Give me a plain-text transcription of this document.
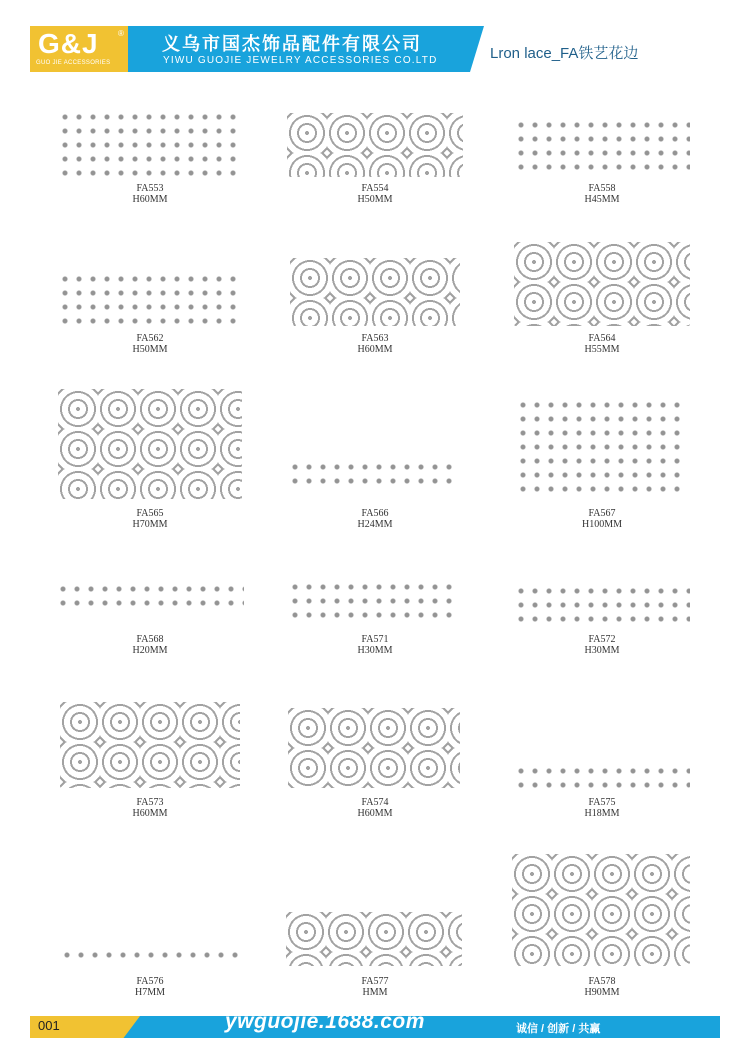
G&J ®
GUO JIE ACCESSORIES
义乌市国杰饰品配件有限公司
YIWU GUOJIE JEWELRY ACCESSORIES CO.LTD	Lron lace_FA铁艺花边
FA553
H60MM
FA554
H50MM
FA558
H45MM
FA562
H50MM
FA563
H60MM
FA564
H55MM
FA565
H70MM
FA566
H24MM
FA567
H100MM
FA568
H20MM
FA571
H30MM
FA572
H30MM
FA573
H60MM
FA574
H60MM
FA575
H18MM
FA576
H7MM
FA577
HMM
FA578
H90MM
001	ywguojie.1688.com	诚信 / 创新 / 共赢
